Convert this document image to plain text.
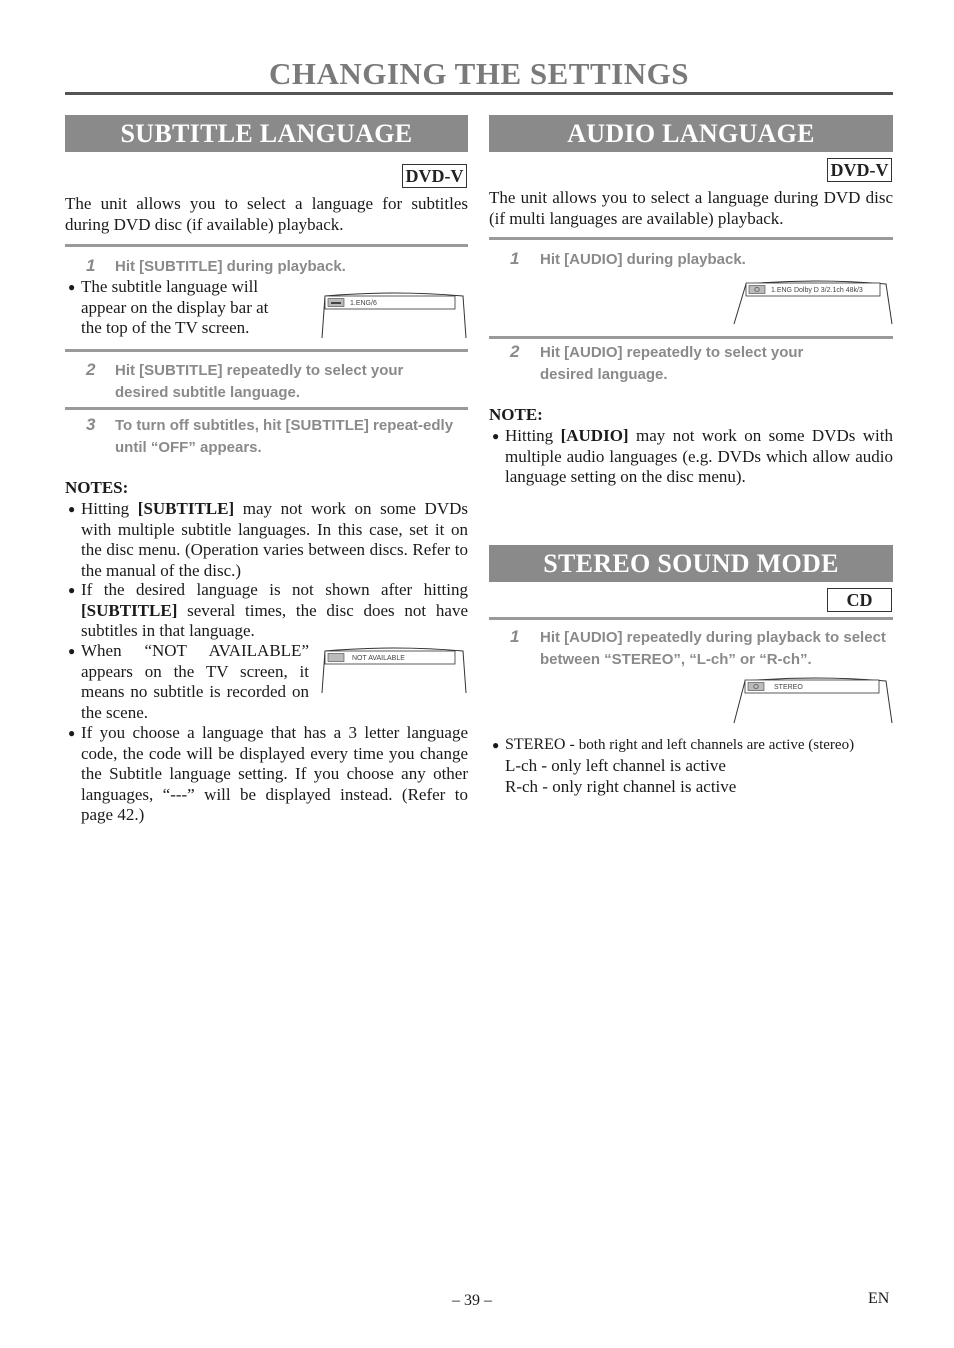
CHANGING THE SETTINGS
SUBTITLE LANGUAGE
DVD-V

The unit allows you to select a language for subtitles during DVD disc (if available) playback.

1 Hit [SUBTITLE] during playback.

● The subtitle language will appear on the display bar at the top of the TV screen.

1.ENG/6
2 Hit [SUBTITLE] repeatedly to select your desired subtitle language.

3 To turn off subtitles, hit [SUBTITLE] repeat-edly until “OFF” appears.

NOTES:

● Hitting [SUBTITLE] may not work on some DVDs with multiple subtitle languages. In this case, set it on the disc menu. (Operation varies between discs. Refer to the manual of the disc.)

● If the desired language is not shown after hitting [SUBTITLE] several times, the disc does not have subtitles in that language.

● When “NOT AVAILABLE” appears on the TV screen, it means no subtitle is recorded on the scene.

NOT AVAILABLE

● If you choose a language that has a 3 letter language code, the code will be displayed every time you change the Subtitle language setting. If you choose any other languages, “---” will be displayed instead. (Refer to page 42.)

AUDIO LANGUAGE
DVD-V

The unit allows you to select a language during DVD disc (if multi languages are available) playback.

1 Hit [AUDIO] during playback.

1.ENG Dolby D 3/2.1ch 48k/3
2 Hit [AUDIO] repeatedly to select your desired language.

NOTE:

● Hitting [AUDIO] may not work on some DVDs with multiple audio languages (e.g. DVDs which allow audio language setting on the disc menu).

STEREO SOUND MODE
CD
1 Hit [AUDIO] repeatedly during playback to select between “STEREO”, “L-ch” or “R-ch”.

STEREO

● STEREO - both right and left channels are active (stereo)

L-ch - only left channel is active
R-ch - only right channel is active
– 39 –	EN
